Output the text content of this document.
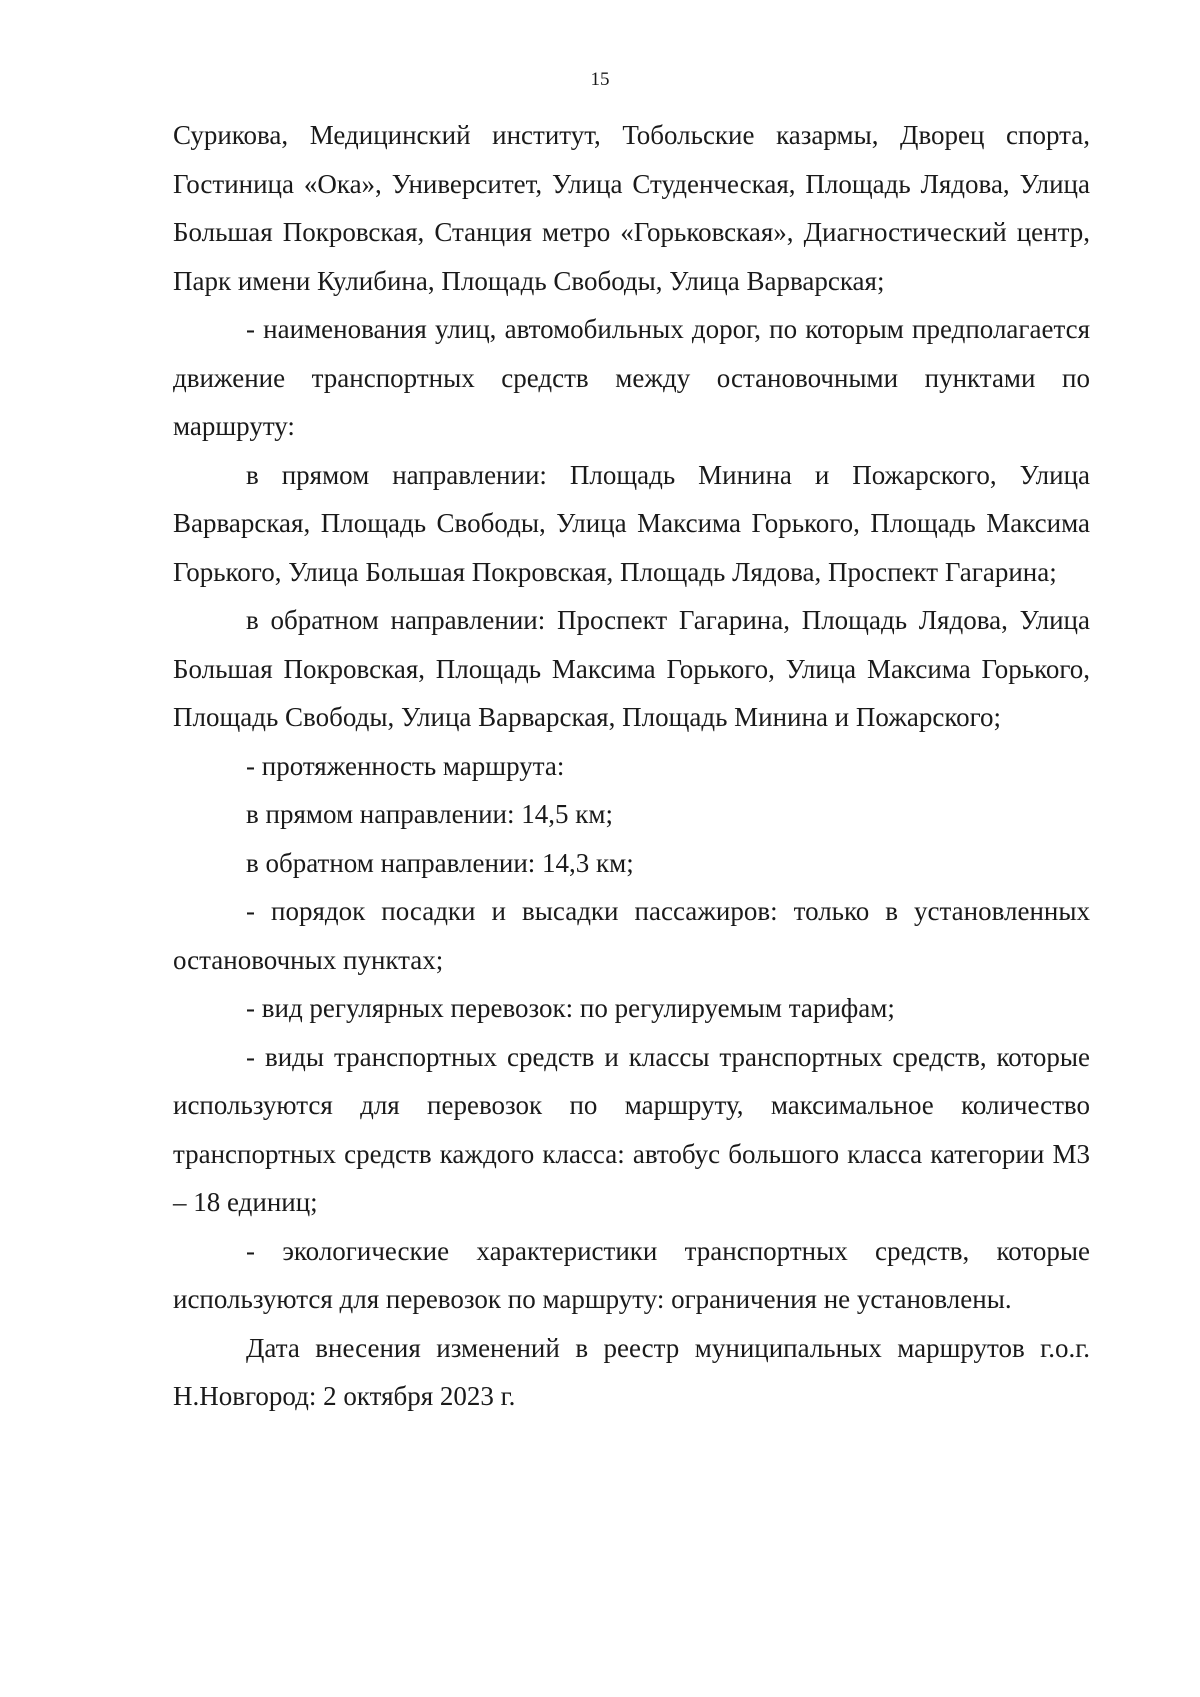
15

Сурикова, Медицинский институт, Тобольские казармы, Дворец спорта, Гостиница «Ока», Университет, Улица Студенческая, Площадь Лядова, Улица Большая Покровская, Станция метро «Горьковская», Диагностический центр, Парк имени Кулибина, Площадь Свободы, Улица Варварская;

- наименования улиц, автомобильных дорог, по которым предполагается движение транспортных средств между остановочными пунктами по маршруту:

в прямом направлении: Площадь Минина и Пожарского, Улица Варварская, Площадь Свободы, Улица Максима Горького, Площадь Максима Горького, Улица Большая Покровская, Площадь Лядова, Проспект Гагарина;

в обратном направлении: Проспект Гагарина, Площадь Лядова, Улица Большая Покровская, Площадь Максима Горького, Улица Максима Горького, Площадь Свободы, Улица Варварская, Площадь Минина и Пожарского;

- протяженность маршрута:

в прямом направлении: 14,5 км;

в обратном направлении: 14,3 км;

- порядок посадки и высадки пассажиров: только в установленных остановочных пунктах;

- вид регулярных перевозок: по регулируемым тарифам;

- виды транспортных средств и классы транспортных средств, которые используются для перевозок по маршруту, максимальное количество транспортных средств каждого класса: автобус большого класса категории М3 – 18 единиц;

- экологические характеристики транспортных средств, которые используются для перевозок по маршруту: ограничения не установлены.

Дата внесения изменений в реестр муниципальных маршрутов г.о.г. Н.Новгород: 2 октября 2023 г.
